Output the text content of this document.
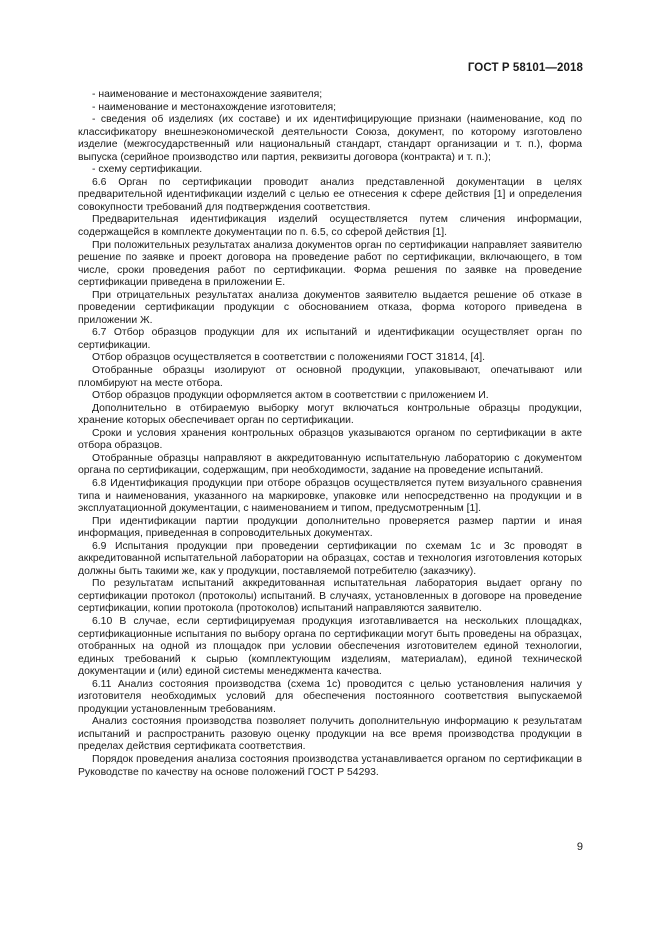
ГОСТ Р 58101—2018

- наименование и местонахождение заявителя;

- наименование и местонахождение изготовителя;

- сведения об изделиях (их составе) и их идентифицирующие признаки (наименование, код по классификатору внешнеэкономической деятельности Союза, документ, по которому изготовлено изделие (межгосударственный или национальный стандарт, стандарт организации и т. п.), форма выпуска (серийное производство или партия, реквизиты договора (контракта) и т. п.);

- схему сертификации.

6.6 Орган по сертификации проводит анализ представленной документации в целях предварительной идентификации изделий с целью ее отнесения к сфере действия [1] и определения совокупности требований для подтверждения соответствия.

Предварительная идентификация изделий осуществляется путем сличения информации, содержащейся в комплекте документации по п. 6.5, со сферой действия [1].

При положительных результатах анализа документов орган по сертификации направляет заявителю решение по заявке и проект договора на проведение работ по сертификации, включающего, в том числе, сроки проведения работ по сертификации. Форма решения по заявке на проведение сертификации приведена в приложении Е.

При отрицательных результатах анализа документов заявителю выдается решение об отказе в проведении сертификации продукции с обоснованием отказа, форма которого приведена в приложении Ж.

6.7 Отбор образцов продукции для их испытаний и идентификации осуществляет орган по сертификации.

Отбор образцов осуществляется в соответствии с положениями ГОСТ 31814, [4].

Отобранные образцы изолируют от основной продукции, упаковывают, опечатывают или пломбируют на месте отбора.

Отбор образцов продукции оформляется актом в соответствии с приложением И.

Дополнительно в отбираемую выборку могут включаться контрольные образцы продукции, хранение которых обеспечивает орган по сертификации.

Сроки и условия хранения контрольных образцов указываются органом по сертификации в акте отбора образцов.

Отобранные образцы направляют в аккредитованную испытательную лабораторию с документом органа по сертификации, содержащим, при необходимости, задание на проведение испытаний.

6.8 Идентификация продукции при отборе образцов осуществляется путем визуального сравнения типа и наименования, указанного на маркировке, упаковке или непосредственно на продукции и в эксплуатационной документации, с наименованием и типом, предусмотренным [1].

При идентификации партии продукции дополнительно проверяется размер партии и иная информация, приведенная в сопроводительных документах.

6.9 Испытания продукции при проведении сертификации по схемам 1с и 3с проводят в аккредитованной испытательной лаборатории на образцах, состав и технология изготовления которых должны быть такими же, как у продукции, поставляемой потребителю (заказчику).

По результатам испытаний аккредитованная испытательная лаборатория выдает органу по сертификации протокол (протоколы) испытаний. В случаях, установленных в договоре на проведение сертификации, копии протокола (протоколов) испытаний направляются заявителю.

6.10 В случае, если сертифицируемая продукция изготавливается на нескольких площадках, сертификационные испытания по выбору органа по сертификации могут быть проведены на образцах, отобранных на одной из площадок при условии обеспечения изготовителем единой технологии, единых требований к сырью (комплектующим изделиям, материалам), единой технической документации и (или) единой системы менеджмента качества.

6.11 Анализ состояния производства (схема 1с) проводится с целью установления наличия у изготовителя необходимых условий для обеспечения постоянного соответствия выпускаемой продукции установленным требованиям.

Анализ состояния производства позволяет получить дополнительную информацию к результатам испытаний и распространить разовую оценку продукции на все время производства продукции в пределах действия сертификата соответствия.

Порядок проведения анализа состояния производства устанавливается органом по сертификации в Руководстве по качеству на основе положений ГОСТ Р 54293.

9
